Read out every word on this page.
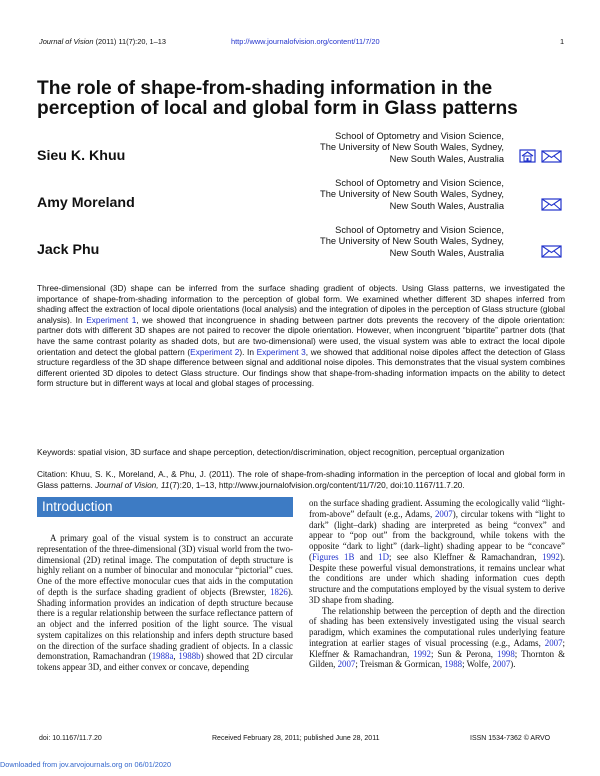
Journal of Vision (2011) 11(7):20, 1–13	http://www.journalofvision.org/content/11/7/20	1
The role of shape-from-shading information in the
perception of local and global form in Glass patterns
School of Optometry and Vision Science,
The University of New South Wales, Sydney,
New South Wales, Australia
Sieu K. Khuu
School of Optometry and Vision Science,
The University of New South Wales, Sydney,
New South Wales, Australia
Amy Moreland
School of Optometry and Vision Science,
The University of New South Wales, Sydney,
New South Wales, Australia
Jack Phu
Three-dimensional (3D) shape can be inferred from the surface shading gradient of objects. Using Glass patterns, we investigated the importance of shape-from-shading information to the perception of global form. We examined whether different 3D shapes inferred from shading affect the extraction of local dipole orientations (local analysis) and the integration of dipoles in the perception of Glass structure (global analysis). In Experiment 1, we showed that incongruence in shading between partner dots prevents the recovery of the dipole orientation: partner dots with different 3D shapes are not paired to recover the dipole orientation. However, when incongruent “bipartite” partner dots (that have the same contrast polarity as shaded dots, but are two-dimensional) were used, the visual system was able to extract the local dipole orientation and detect the global pattern (Experiment 2). In Experiment 3, we showed that additional noise dipoles affect the detection of Glass structure regardless of the 3D shape difference between signal and additional noise dipoles. This demonstrates that the visual system combines different oriented 3D dipoles to detect Glass structure. Our findings show that shape-from-shading information impacts on the ability to detect form structure but in different ways at local and global stages of processing.
Keywords: spatial vision, 3D surface and shape perception, detection/discrimination, object recognition, perceptual organization
Citation: Khuu, S. K., Moreland, A., & Phu, J. (2011). The role of shape-from-shading information in the perception of local and global form in Glass patterns. Journal of Vision, 11(7):20, 1–13, http://www.journalofvision.org/content/11/7/20, doi:10.1167/11.7.20.
Introduction

A primary goal of the visual system is to construct an accurate representation of the three-dimensional (3D) visual world from the two-dimensional (2D) retinal image. The computation of depth structure is highly reliant on a number of binocular and monocular “pictorial” cues. One of the more effective monocular cues that aids in the computation of depth is the surface shading gradient of objects (Brewster, 1826). Shading information provides an indication of depth structure because there is a regular relationship between the surface reflectance pattern of an object and the inferred position of the light source. The visual system capitalizes on this relationship and infers depth structure based on the direction of the surface shading gradient of objects. In a classic demonstration, Ramachandran (1988a, 1988b) showed that 2D circular tokens appear 3D, and either convex or concave, depending

on the surface shading gradient. Assuming the ecologically valid “light-from-above” default (e.g., Adams, 2007), circular tokens with “light to dark” (light–dark) shading are interpreted as being “convex” and appear to “pop out” from the background, while tokens with the opposite “dark to light” (dark–light) shading appear to be “concave” (Figures 1B and 1D; see also Kleffner & Ramachandran, 1992). Despite these powerful visual demonstrations, it remains unclear what the conditions are under which shading information cues depth structure and the computations employed by the visual system to derive 3D shape from shading.

The relationship between the perception of depth and the direction of shading has been extensively investigated using the visual search paradigm, which examines the computational rules underlying feature integration at earlier stages of visual processing (e.g., Adams, 2007; Kleffner & Ramachandran, 1992; Sun & Perona, 1998; Thornton & Gilden, 2007; Treisman & Gormican, 1988; Wolfe, 2007).

doi: 10.1167/11.7.20	Received February 28, 2011; published June 28, 2011	ISSN 1534-7362 © ARVO
Downloaded from jov.arvojournals.org on 06/01/2020
